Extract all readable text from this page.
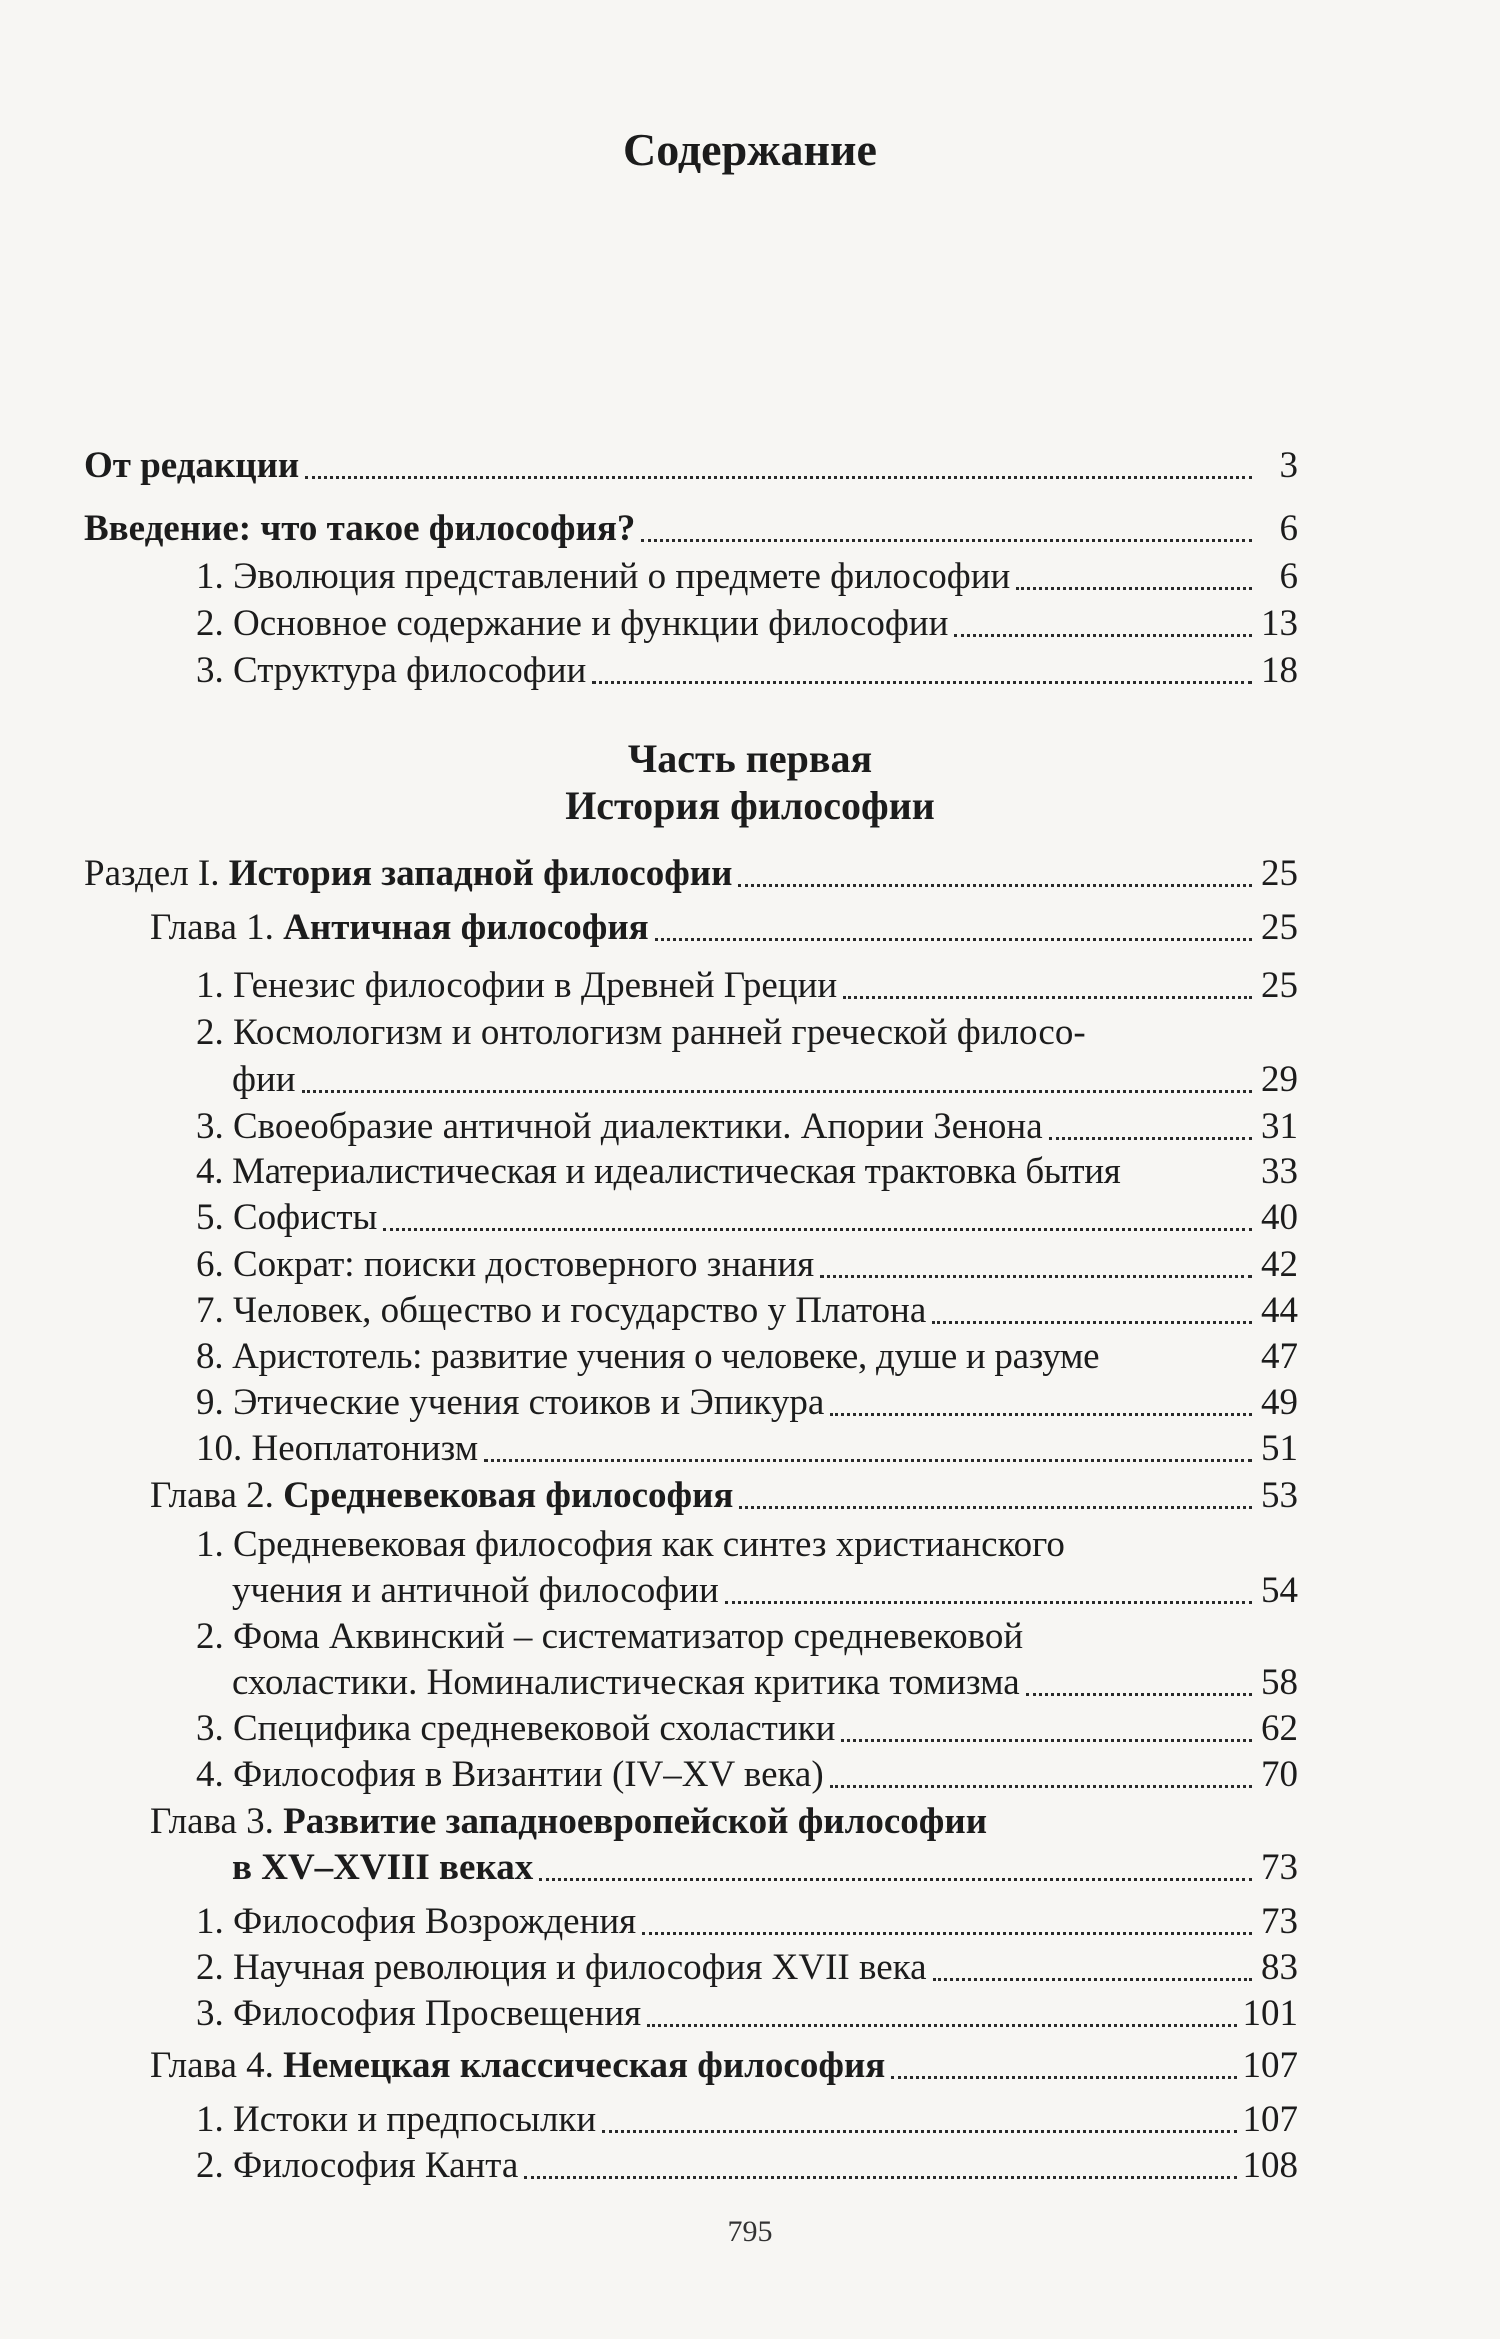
Содержание
От редакции	3
Введение: что такое философия?	6
1. Эволюция представлений о предмете философии	6
2. Основное содержание и функции философии	13
3. Структура философии	18
Часть первая
История философии
Раздел I. История западной философии	25
Глава 1. Античная философия	25
1. Генезис философии в Древней Греции	25
2. Космологизм и онтологизм ранней греческой филосо-
фии	29
3. Своеобразие античной диалектики. Апории Зенона	31
4. Материалистическая и идеалистическая трактовка бытия	33
5. Софисты	40
6. Сократ: поиски достоверного знания	42
7. Человек, общество и государство у Платона	44
8. Аристотель: развитие учения о человеке, душе и разуме	47
9. Этические учения стоиков и Эпикура	49
10. Неоплатонизм	51
Глава 2. Средневековая философия	53
1. Средневековая философия как синтез христианского
учения и античной философии	54
2. Фома Аквинский – систематизатор средневековой
схоластики. Номиналистическая критика томизма	58
3. Специфика средневековой схоластики	62
4. Философия в Византии (IV–XV века)	70
Глава 3. Развитие западноевропейской философии
в XV–XVIII веках	73
1. Философия Возрождения	73
2. Научная революция и философия XVII века	83
3. Философия Просвещения	101
Глава 4. Немецкая классическая философия	107
1. Истоки и предпосылки	107
2. Философия Канта	108
795
